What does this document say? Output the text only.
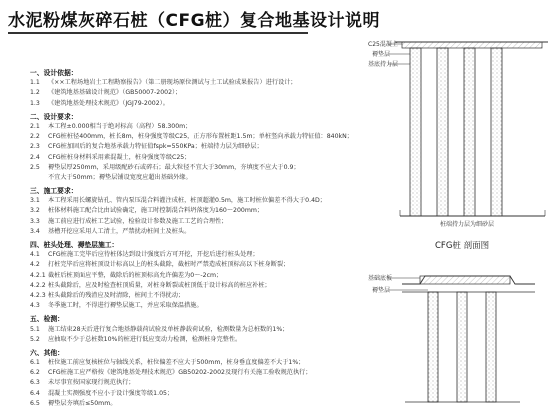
水泥粉煤灰碎石桩（CFG桩）复合地基设计说明
一、设计依据：
1.1 《××工程场地岩土工程勘察报告》（第二册现场原位测试与土工试验成果报告）进行设计；
1.2 《建筑地基基础设计规范》（GB50007-2002）；
1.3 《建筑地基处理技术规范》（JGJ79-2002）。
二、设计要求：
2.1 本工程±0.000相当于绝对标高（高程）58.300m；
2.2 CFG桩桩径400mm，桩长8m，桩身强度等级C25，正方形布置桩距1.5m；单桩竖向承载力特征值：840kN；
2.3 CFG桩加固后的复合地基承载力特征值fspk=550KPa；桩端持力层为细砂层；
2.4 CFG桩桩身材料采用素混凝土，桩身强度等级C25；
2.5 褥垫层厚250mm，采用级配砂石或碎石；最大粒径不宜大于30mm，夯填度不应大于0.9；
不宜大于50mm；褥垫层铺设宽度应超出基础外缘。
三、施工要求：
3.1 本工程采用长螺旋钻孔、管内泵压混合料灌注成桩，桩顶超灌0.5m，施工时桩位偏差不得大于0.4D；
3.2 桩体材料施工配合比由试验确定，施工时控制混合料坍落度为160～200mm；
3.3 施工前应进行成桩工艺试验，检验设计参数及施工工艺的合理性；
3.4 基槽开挖应采用人工清土，严禁扰动桩间土及桩头。
四、桩头处理、褥垫层施工：
4.1 CFG桩施工完毕后应待桩体达到设计强度后方可开挖，开挖后进行桩头处理；
4.2 打桩完毕后应将桩顶设计标高以上的桩头截除，截桩时严禁造成桩顶标高以下桩身断裂；
4.2.1 截桩后桩顶面应平整，截除后的桩顶标高允许偏差为0～-2cm；
4.2.2 桩头截除后，应及时检查桩顶质量，对桩身断裂或桩顶低于设计标高的桩应补桩；
4.2.3 桩头截除后的残渣应及时清除，桩间土不得扰动；
4.3 冬季施工时，不得进行褥垫层施工，并应采取保温措施。
五、检测：
5.1 施工结束28天后进行复合地基静载荷试验及单桩静载荷试验，检测数量为总桩数的1%；
5.2 应抽取不少于总桩数10%的桩进行低应变动力检测，检测桩身完整性。
六、其他：
6.1 桩位施工前应复核桩位与轴线关系，桩位偏差不应大于500mm，桩身垂直度偏差不大于1%；
6.2 CFG桩施工应严格按《建筑地基处理技术规范》GB50202-2002及现行有关施工验收规范执行；
6.3 未尽事宜按国家现行规范执行；
6.4 混凝土实测强度不应小于设计强度等级1.05；
6.5 褥垫层夯填后≤50mm。
C25混凝土
褥垫层
基底持力层
桩端持力层为细砂层
CFG桩 剖面图
基础底板
褥垫层
